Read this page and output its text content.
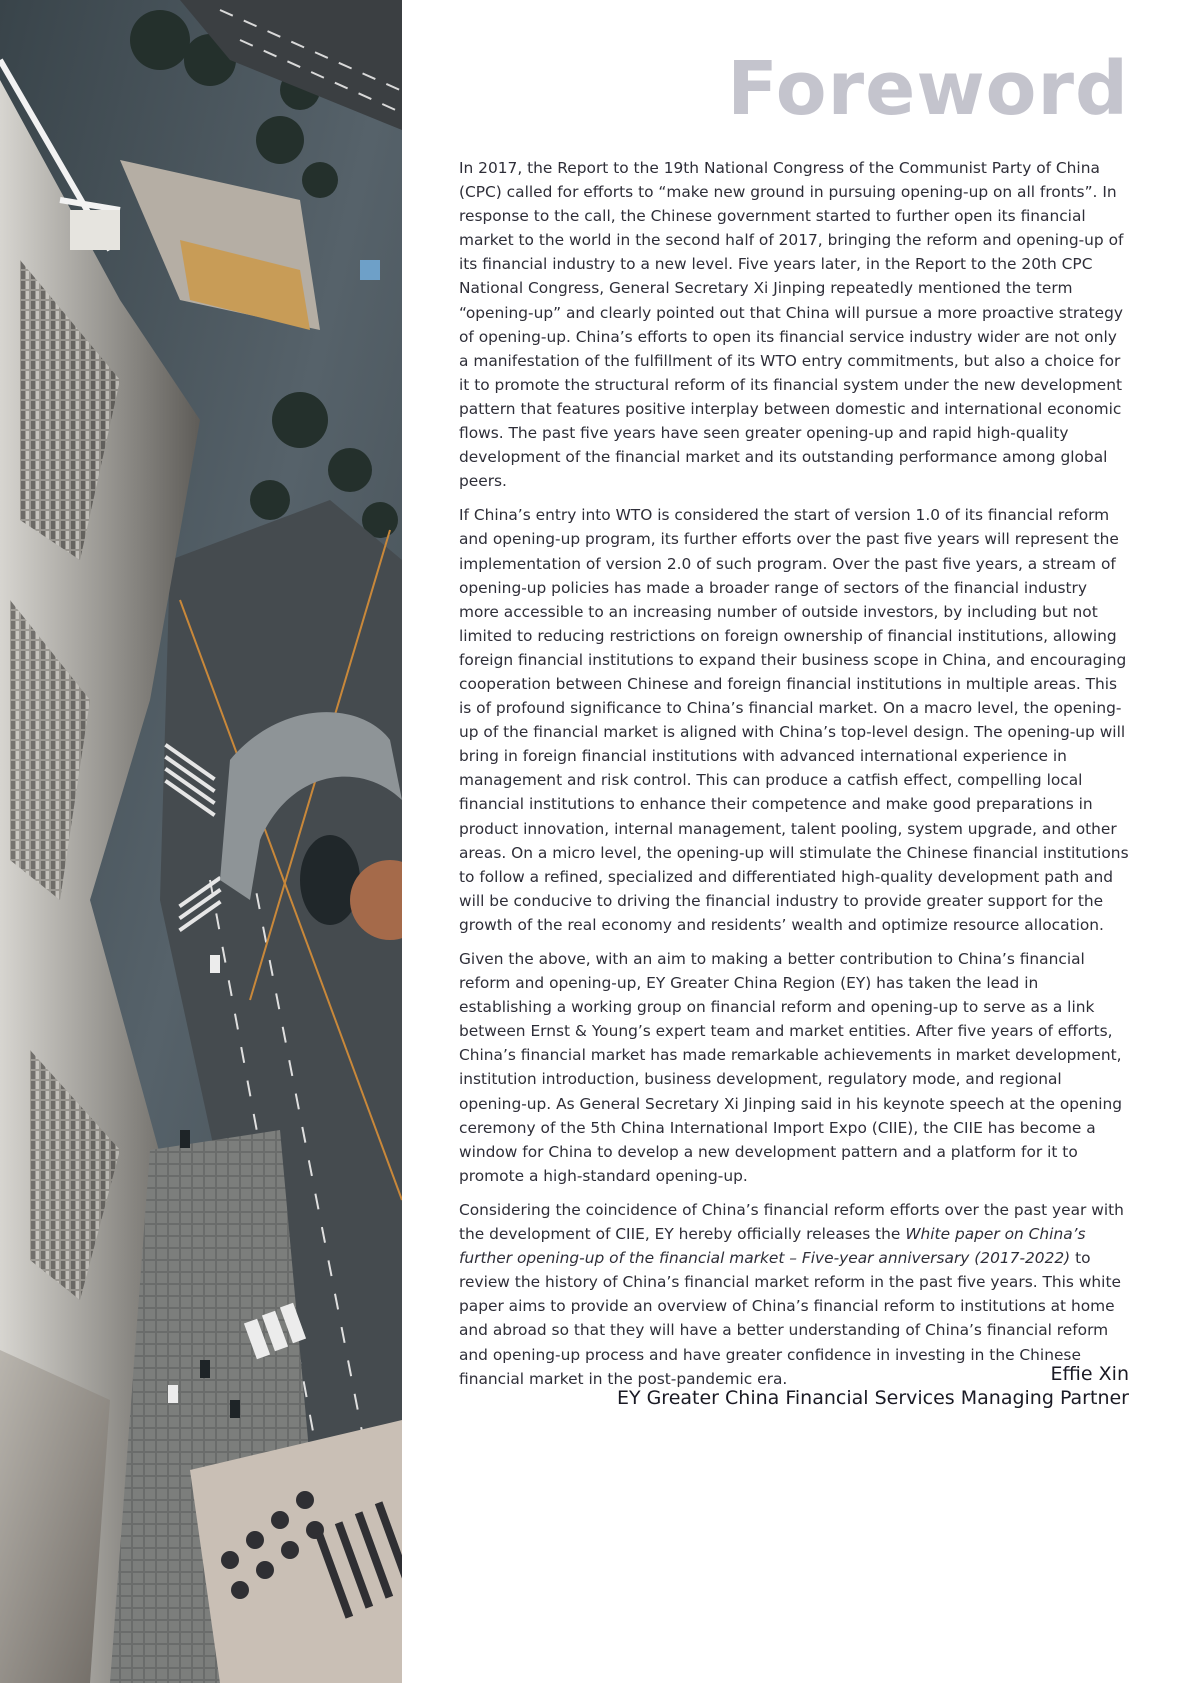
Foreword

In 2017, the Report to the 19th National Congress of the Communist Party of China (CPC) called for efforts to “make new ground in pursuing opening-up on all fronts”. In response to the call, the Chinese government started to further open its financial market to the world in the second half of 2017, bringing the reform and opening-up of its financial industry to a new level. Five years later, in the Report to the 20th CPC National Congress, General Secretary Xi Jinping repeatedly mentioned the term “opening-up” and clearly pointed out that China will pursue a more proactive strategy of opening-up. China’s efforts to open its financial service industry wider are not only a manifestation of the fulfillment of its WTO entry commitments, but also a choice for it to promote the structural reform of its financial system under the new development pattern that features positive interplay between domestic and international economic flows. The past five years have seen greater opening-up and rapid high-quality development of the financial market and its outstanding performance among global peers.

If China’s entry into WTO is considered the start of version 1.0 of its financial reform and opening-up program, its further efforts over the past five years will represent the implementation of version 2.0 of such program. Over the past five years, a stream of opening-up policies has made a broader range of sectors of the financial industry more accessible to an increasing number of outside investors, by including but not limited to reducing restrictions on foreign ownership of financial institutions, allowing foreign financial institutions to expand their business scope in China, and encouraging cooperation between Chinese and foreign financial institutions in multiple areas. This is of profound significance to China’s financial market. On a macro level, the opening-up of the financial market is aligned with China’s top-level design. The opening-up will bring in foreign financial institutions with advanced international experience in management and risk control. This can produce a catfish effect, compelling local financial institutions to enhance their competence and make good preparations in product innovation, internal management, talent pooling, system upgrade, and other areas. On a micro level, the opening-up will stimulate the Chinese financial institutions to follow a refined, specialized and differentiated high-quality development path and will be conducive to driving the financial industry to provide greater support for the growth of the real economy and residents’ wealth and optimize resource allocation.

Given the above, with an aim to making a better contribution to China’s financial reform and opening-up, EY Greater China Region (EY) has taken the lead in establishing a working group on financial reform and opening-up to serve as a link between Ernst & Young’s expert team and market entities. After five years of efforts, China’s financial market has made remarkable achievements in market development, institution introduction, business development, regulatory mode, and regional opening-up. As General Secretary Xi Jinping said in his keynote speech at the opening ceremony of the 5th China International Import Expo (CIIE), the CIIE has become a window for China to develop a new development pattern and a platform for it to promote a high-standard opening-up.

Considering the coincidence of China’s financial reform efforts over the past year with the development of CIIE, EY hereby officially releases the White paper on China’s further opening-up of the financial market – Five-year anniversary (2017-2022) to review the history of China’s financial market reform in the past five years. This white paper aims to provide an overview of China’s financial reform to institutions at home and abroad so that they will have a better understanding of China’s financial reform and opening-up process and have greater confidence in investing in the Chinese financial market in the post-pandemic era.	Effie Xin
EY Greater China Financial Services Managing Partner
